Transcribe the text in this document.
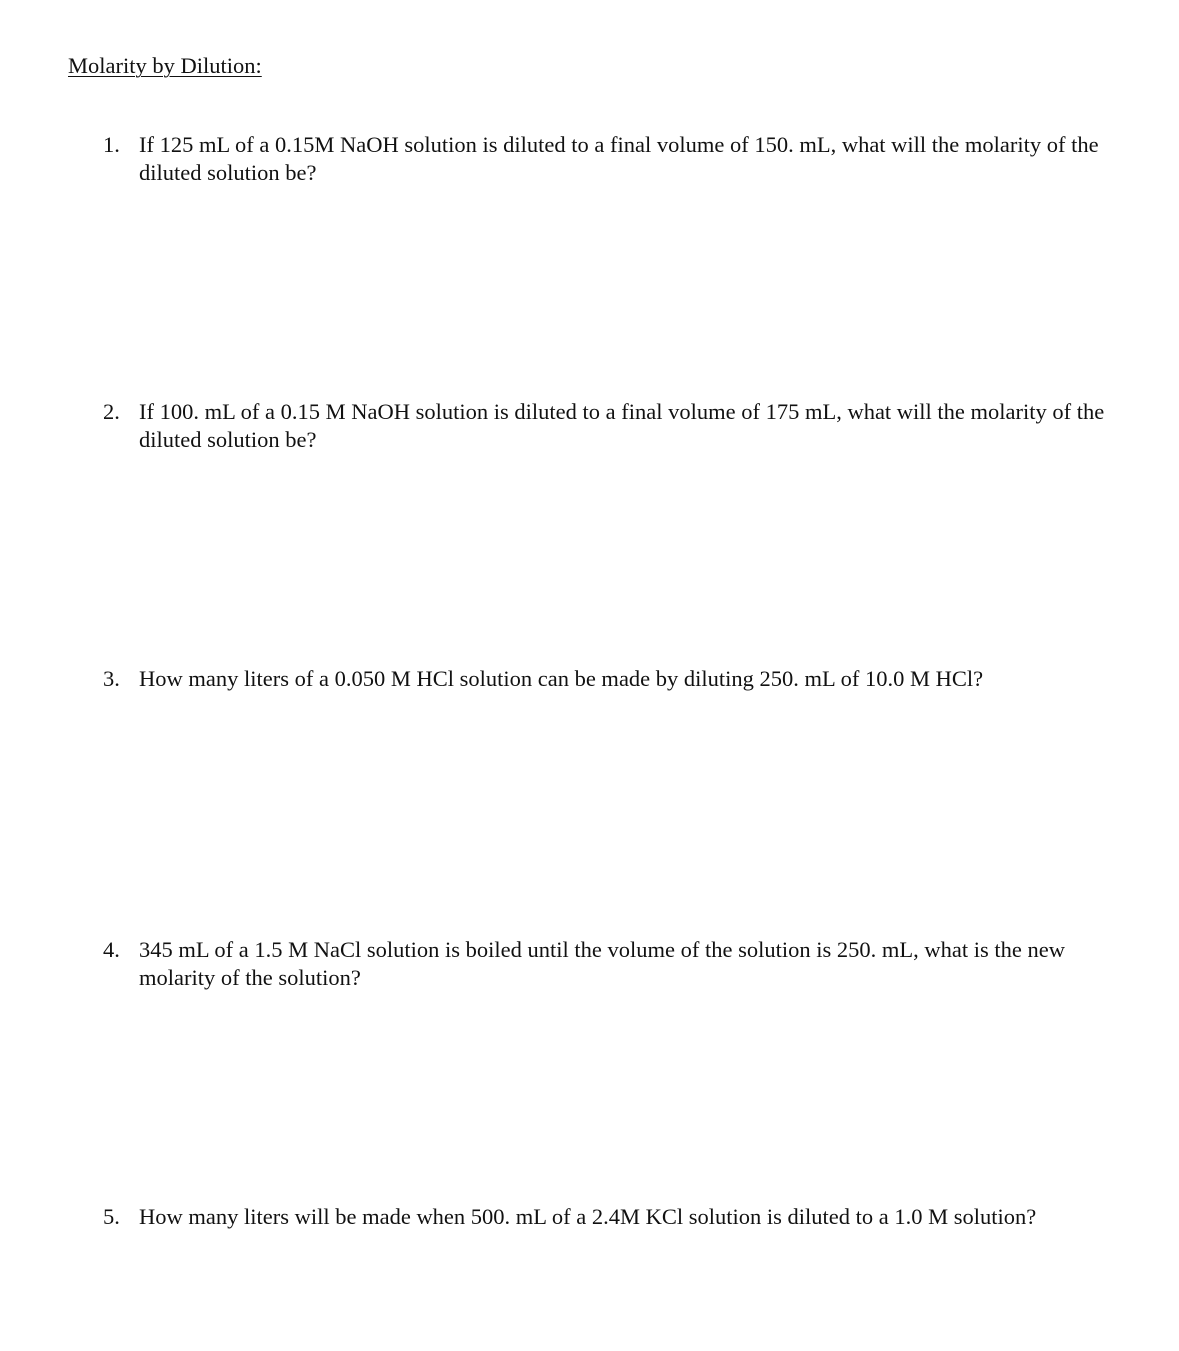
Molarity by Dilution:
1. If 125 mL of a 0.15M NaOH solution is diluted to a final volume of 150. mL, what will the molarity of the diluted solution be?
2. If 100. mL of a 0.15 M NaOH solution is diluted to a final volume of 175 mL, what will the molarity of the diluted solution be?
3. How many liters of a 0.050 M HCl solution can be made by diluting 250. mL of 10.0 M HCl?
4. 345 mL of a 1.5 M NaCl solution is boiled until the volume of the solution is 250. mL, what is the new molarity of the solution?
5. How many liters will be made when 500. mL of a 2.4M KCl solution is diluted to a 1.0 M solution?
